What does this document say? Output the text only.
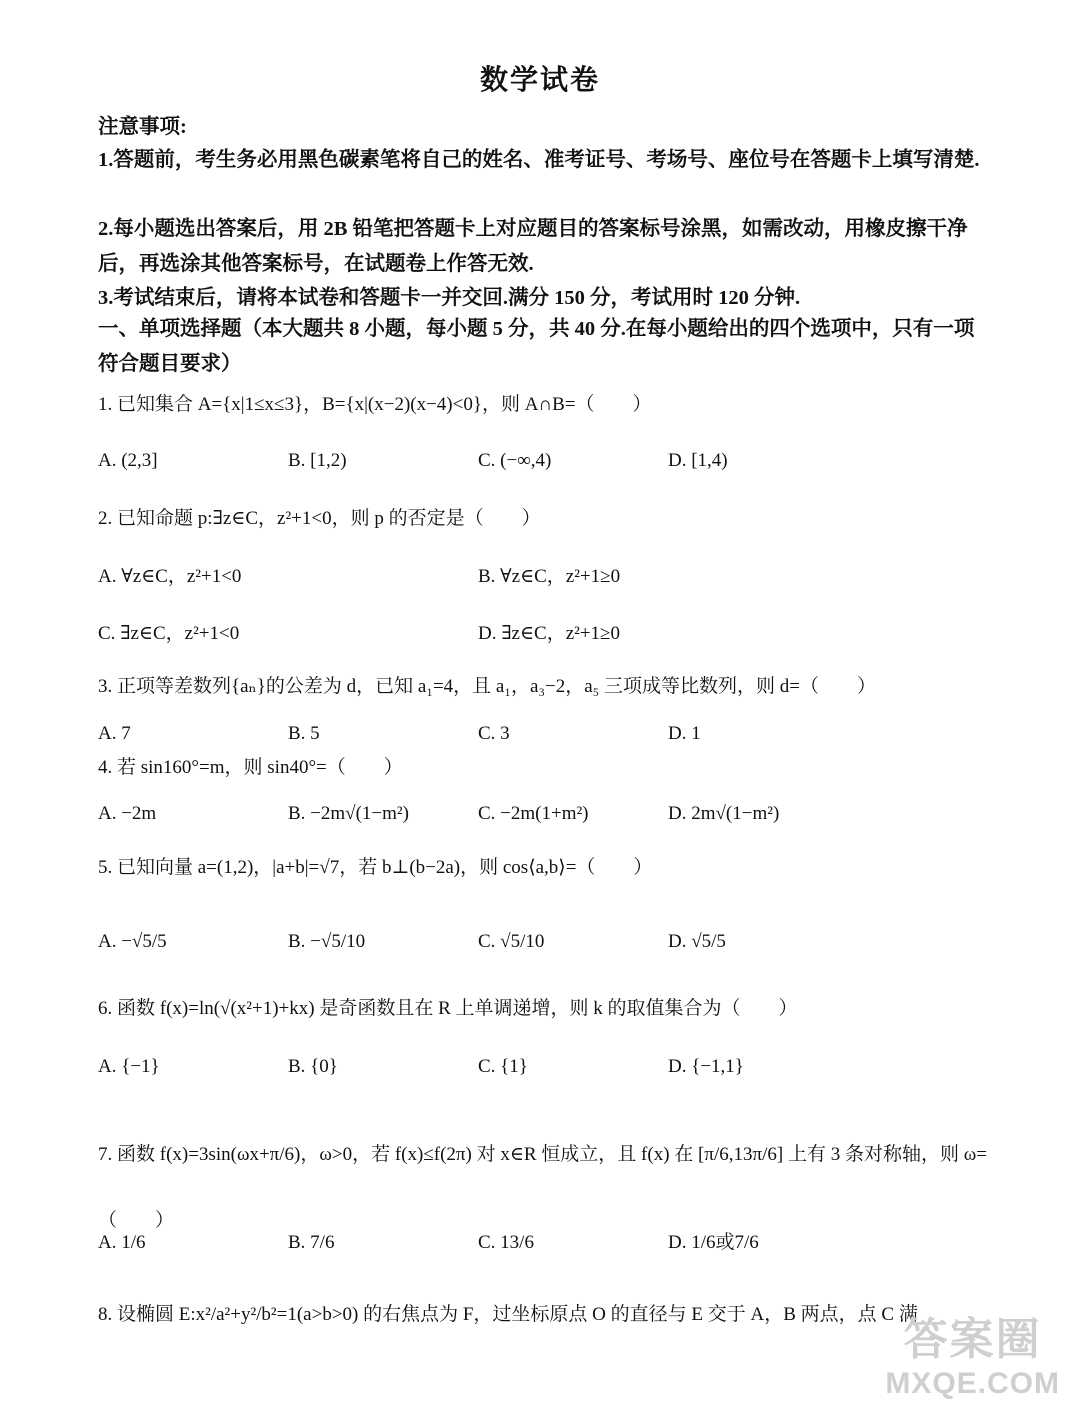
数学试卷
注意事项:
1.答题前，考生务必用黑色碳素笔将自己的姓名、准考证号、考场号、座位号在答题卡上填写清楚.
2.每小题选出答案后，用 2B 铅笔把答题卡上对应题目的答案标号涂黑，如需改动，用橡皮擦干净后，再选涂其他答案标号，在试题卷上作答无效.
3.考试结束后，请将本试卷和答题卡一并交回.满分 150 分，考试用时 120 分钟.
一、单项选择题（本大题共 8 小题，每小题 5 分，共 40 分.在每小题给出的四个选项中，只有一项符合题目要求）
1. 已知集合 A={x|1≤x≤3}，B={x|(x−2)(x−4)<0}，则 A∩B=（　　）
A. (2,3]	B. [1,2)	C. (−∞,4)	D. [1,4)
2. 已知命题 p:∃z∈C，z²+1<0，则 p 的否定是（　　）
A. ∀z∈C，z²+1<0	B. ∀z∈C，z²+1≥0
C. ∃z∈C，z²+1<0	D. ∃z∈C，z²+1≥0
3. 正项等差数列{aₙ}的公差为 d，已知 a₁=4，且 a₁，a₃−2，a₅ 三项成等比数列，则 d=（　　）
A. 7	B. 5	C. 3	D. 1
4. 若 sin160°=m，则 sin40°=（　　）
A. −2m	B. −2m√(1−m²)	C. −2m(1+m²)	D. 2m√(1−m²)
5. 已知向量 a=(1,2)，|a+b|=√7，若 b⊥(b−2a)，则 cos⟨a,b⟩=（　　）
A. −√5/5	B. −√5/10	C. √5/10	D. √5/5
6. 函数 f(x)=ln(√(x²+1)+kx) 是奇函数且在 R 上单调递增，则 k 的取值集合为（　　）
A. {−1}	B. {0}	C. {1}	D. {−1,1}
7. 函数 f(x)=3sin(ωx+π/6)，ω>0，若 f(x)≤f(2π) 对 x∈R 恒成立，且 f(x) 在 [π/6,13π/6] 上有 3 条对称轴，则 ω=（　　）
A. 1/6	B. 7/6	C. 13/6	D. 1/6或7/6
8. 设椭圆 E:x²/a²+y²/b²=1(a>b>0) 的右焦点为 F，过坐标原点 O 的直径与 E 交于 A，B 两点，点 C 满
答案圈
MXQE.COM
